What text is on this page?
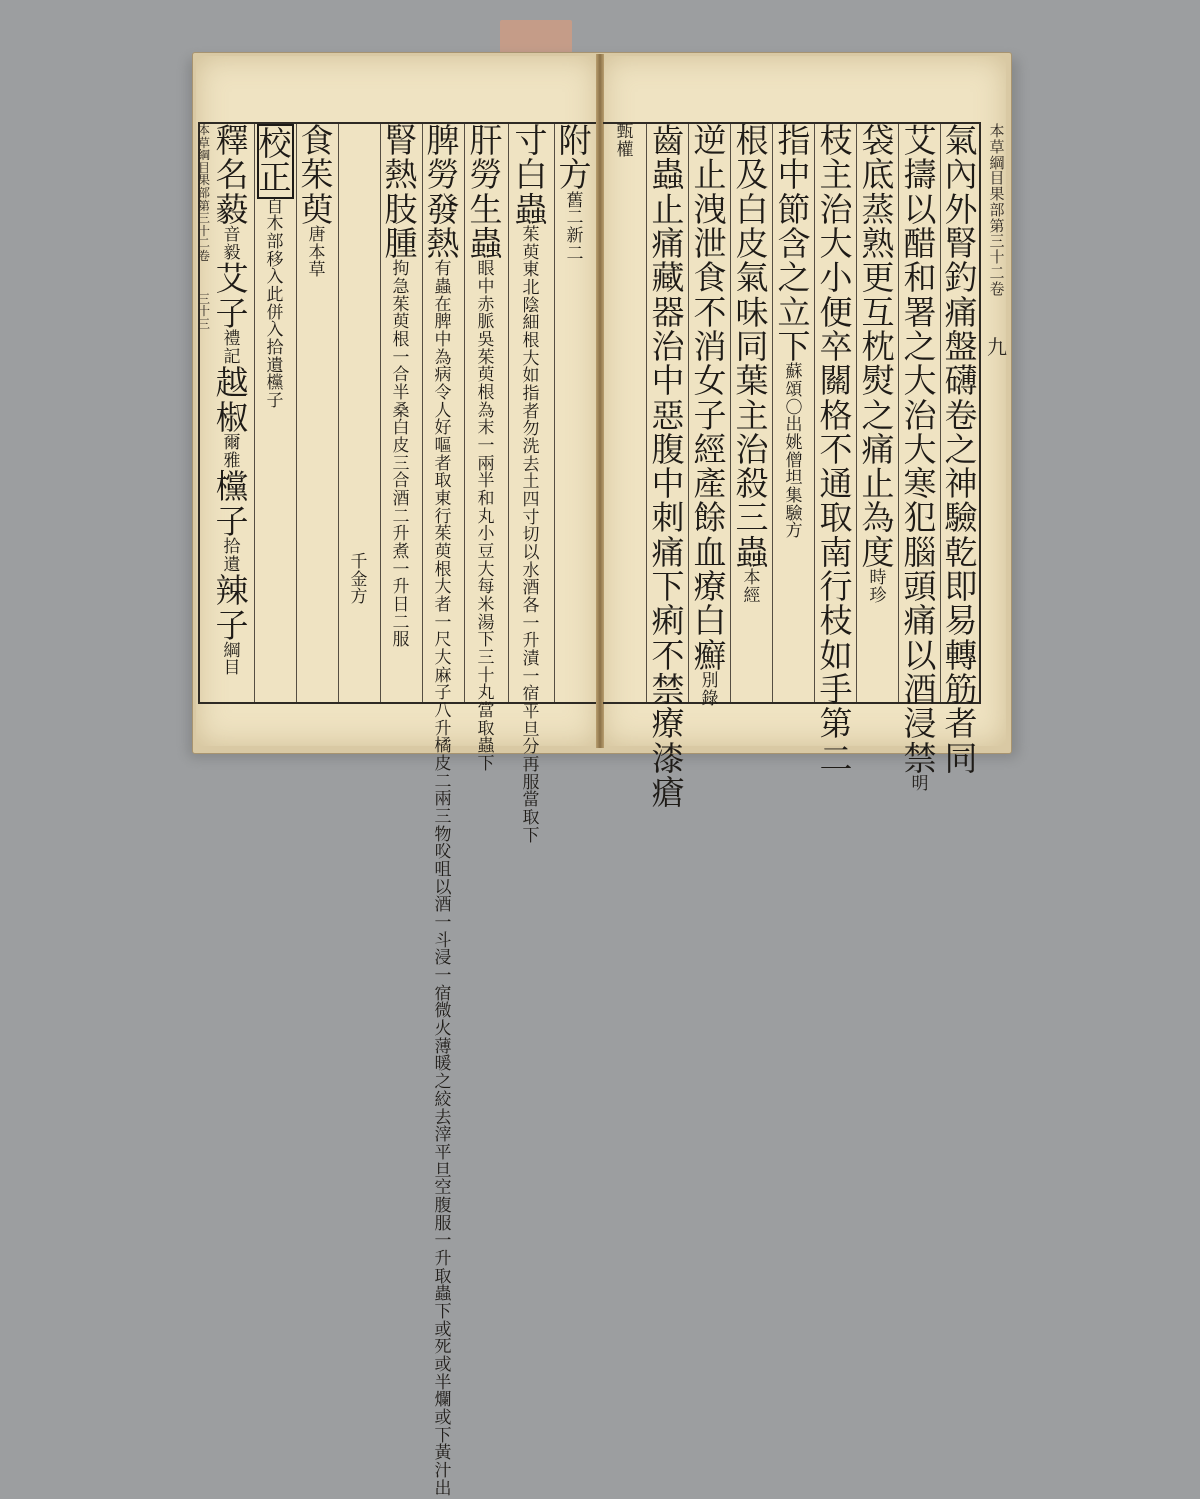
氣
內
外
腎
釣
痛
盤
礴
卷
之
神
驗
乾
即
易
轉
筋
者
同
艾
擣
以
醋
和
署
之
大
治
大
寒
犯
腦
頭
痛
以
酒
浸
禁
明
袋
底
蒸
熟
更
互
枕
熨
之
痛
止
為
度
時
珍
枝
主
治
大
小
便
卒
關
格
不
通
取
南
行
枝
如
手
第
二
指
中
節
含
之
立
下
蘇
頌
〇
出
姚
僧
坦
集
驗
方
根
及
白
皮
氣
味
同
葉
主
治
殺
三
蟲
本
經
逆
止
洩
泄
食
不
消
女
子
經
產
餘
血
療
白
癬
別
錄
齒
蟲
止
痛
藏
器
治
中
惡
腹
中
刺
痛
下
痢
不
禁
療
漆
瘡
甄
權
本
草
綱
目
果
部
第
三
十
二
卷
九
附
方
舊
二
新
二
寸
白
蟲
茱
萸
東
北
陰
細
根
大
如
指
者
勿
洗
去
土
四
寸
切
以
水
酒
各
一
升
漬
一
宿
平
旦
分
再
服
當
取
下
肝
勞
生
蟲
眼
中
赤
脈
吳
茱
萸
根
為
末
一
兩
半
和
丸
小
豆
大
每
米
湯
下
三
十
丸
當
取
蟲
下
脾
勞
發
熱
有
蟲
在
脾
中
為
病
令
人
好
嘔
者
取
東
行
茱
萸
根
大
者
一
尺
大
麻
子
八
升
橘
皮
二
兩
三
物
㕮
咀
以
酒
一
斗
浸
一
宿
微
火
薄
暖
之
絞
去
滓
平
旦
空
腹
服
一
升
取
蟲
下
或
死
或
半
爛
或
下
黃
汁
出
腎
熱
肢
腫
拘
急
茱
萸
根
一
合
半
桑
白
皮
三
合
酒
二
升
煮
一
升
日
二
服
千
金
方
食
茱
萸
唐
本
草
校
正
自
木
部
移
入
此
併
入
拾
遺
欓
子
釋
名
藙
音
毅
艾
子
禮
記
越
椒
爾
雅
欓
子
拾
遺
辣
子
綱
目
本
草
綱
目
果
部
第
三
十
二
卷
三
十
三
